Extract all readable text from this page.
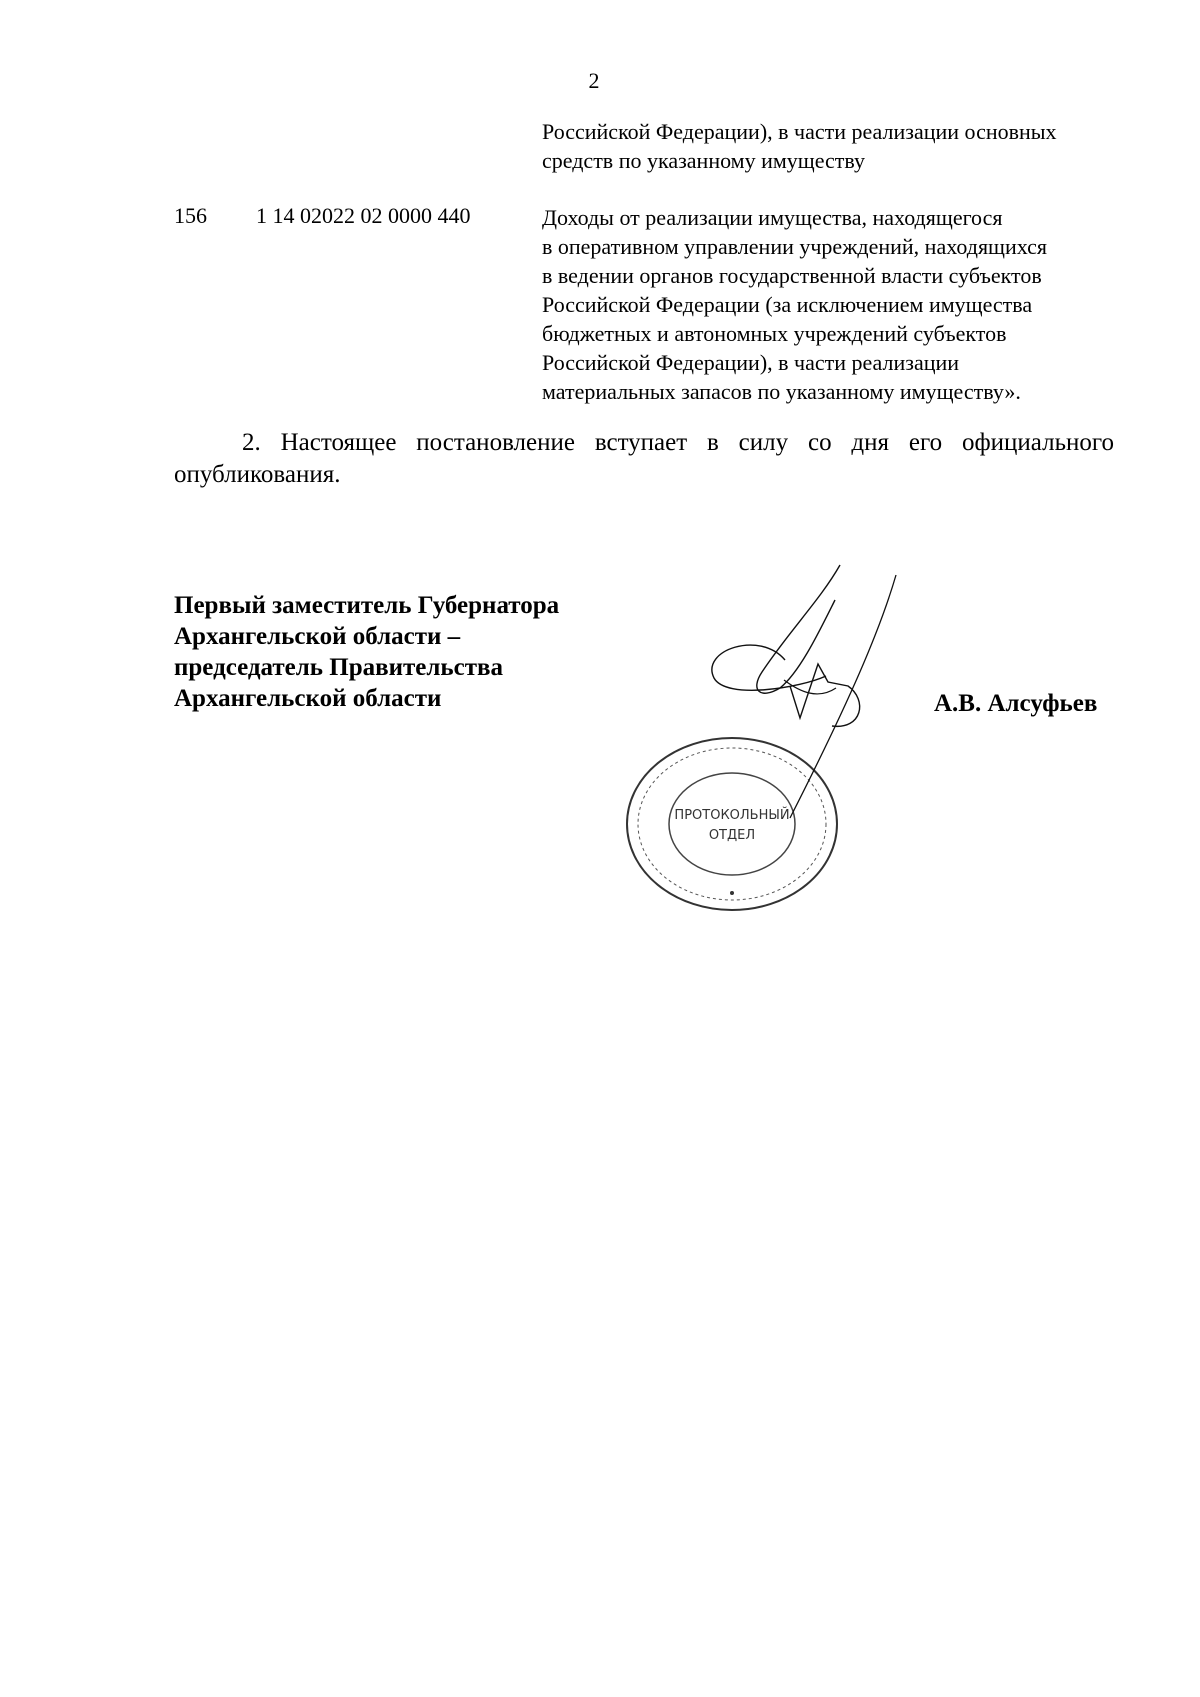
2
Российской Федерации), в части реализации основных
средств по указанному имуществу
156 1 14 02022 02 0000 440	Доходы от реализации имущества, находящегося
в оперативном управлении учреждений, находящихся
в ведении органов государственной власти субъектов
Российской Федерации (за исключением имущества
бюджетных и автономных учреждений субъектов
Российской Федерации), в части реализации
материальных запасов по указанному имуществу».
2. Настоящее постановление вступает в силу со дня его официального опубликования.
Первый заместитель Губернатора
Архангельской области –
председатель Правительства
Архангельской области	А.В. Алсуфьев
ПРОТОКОЛЬНЫЙ
ОТДЕЛ
